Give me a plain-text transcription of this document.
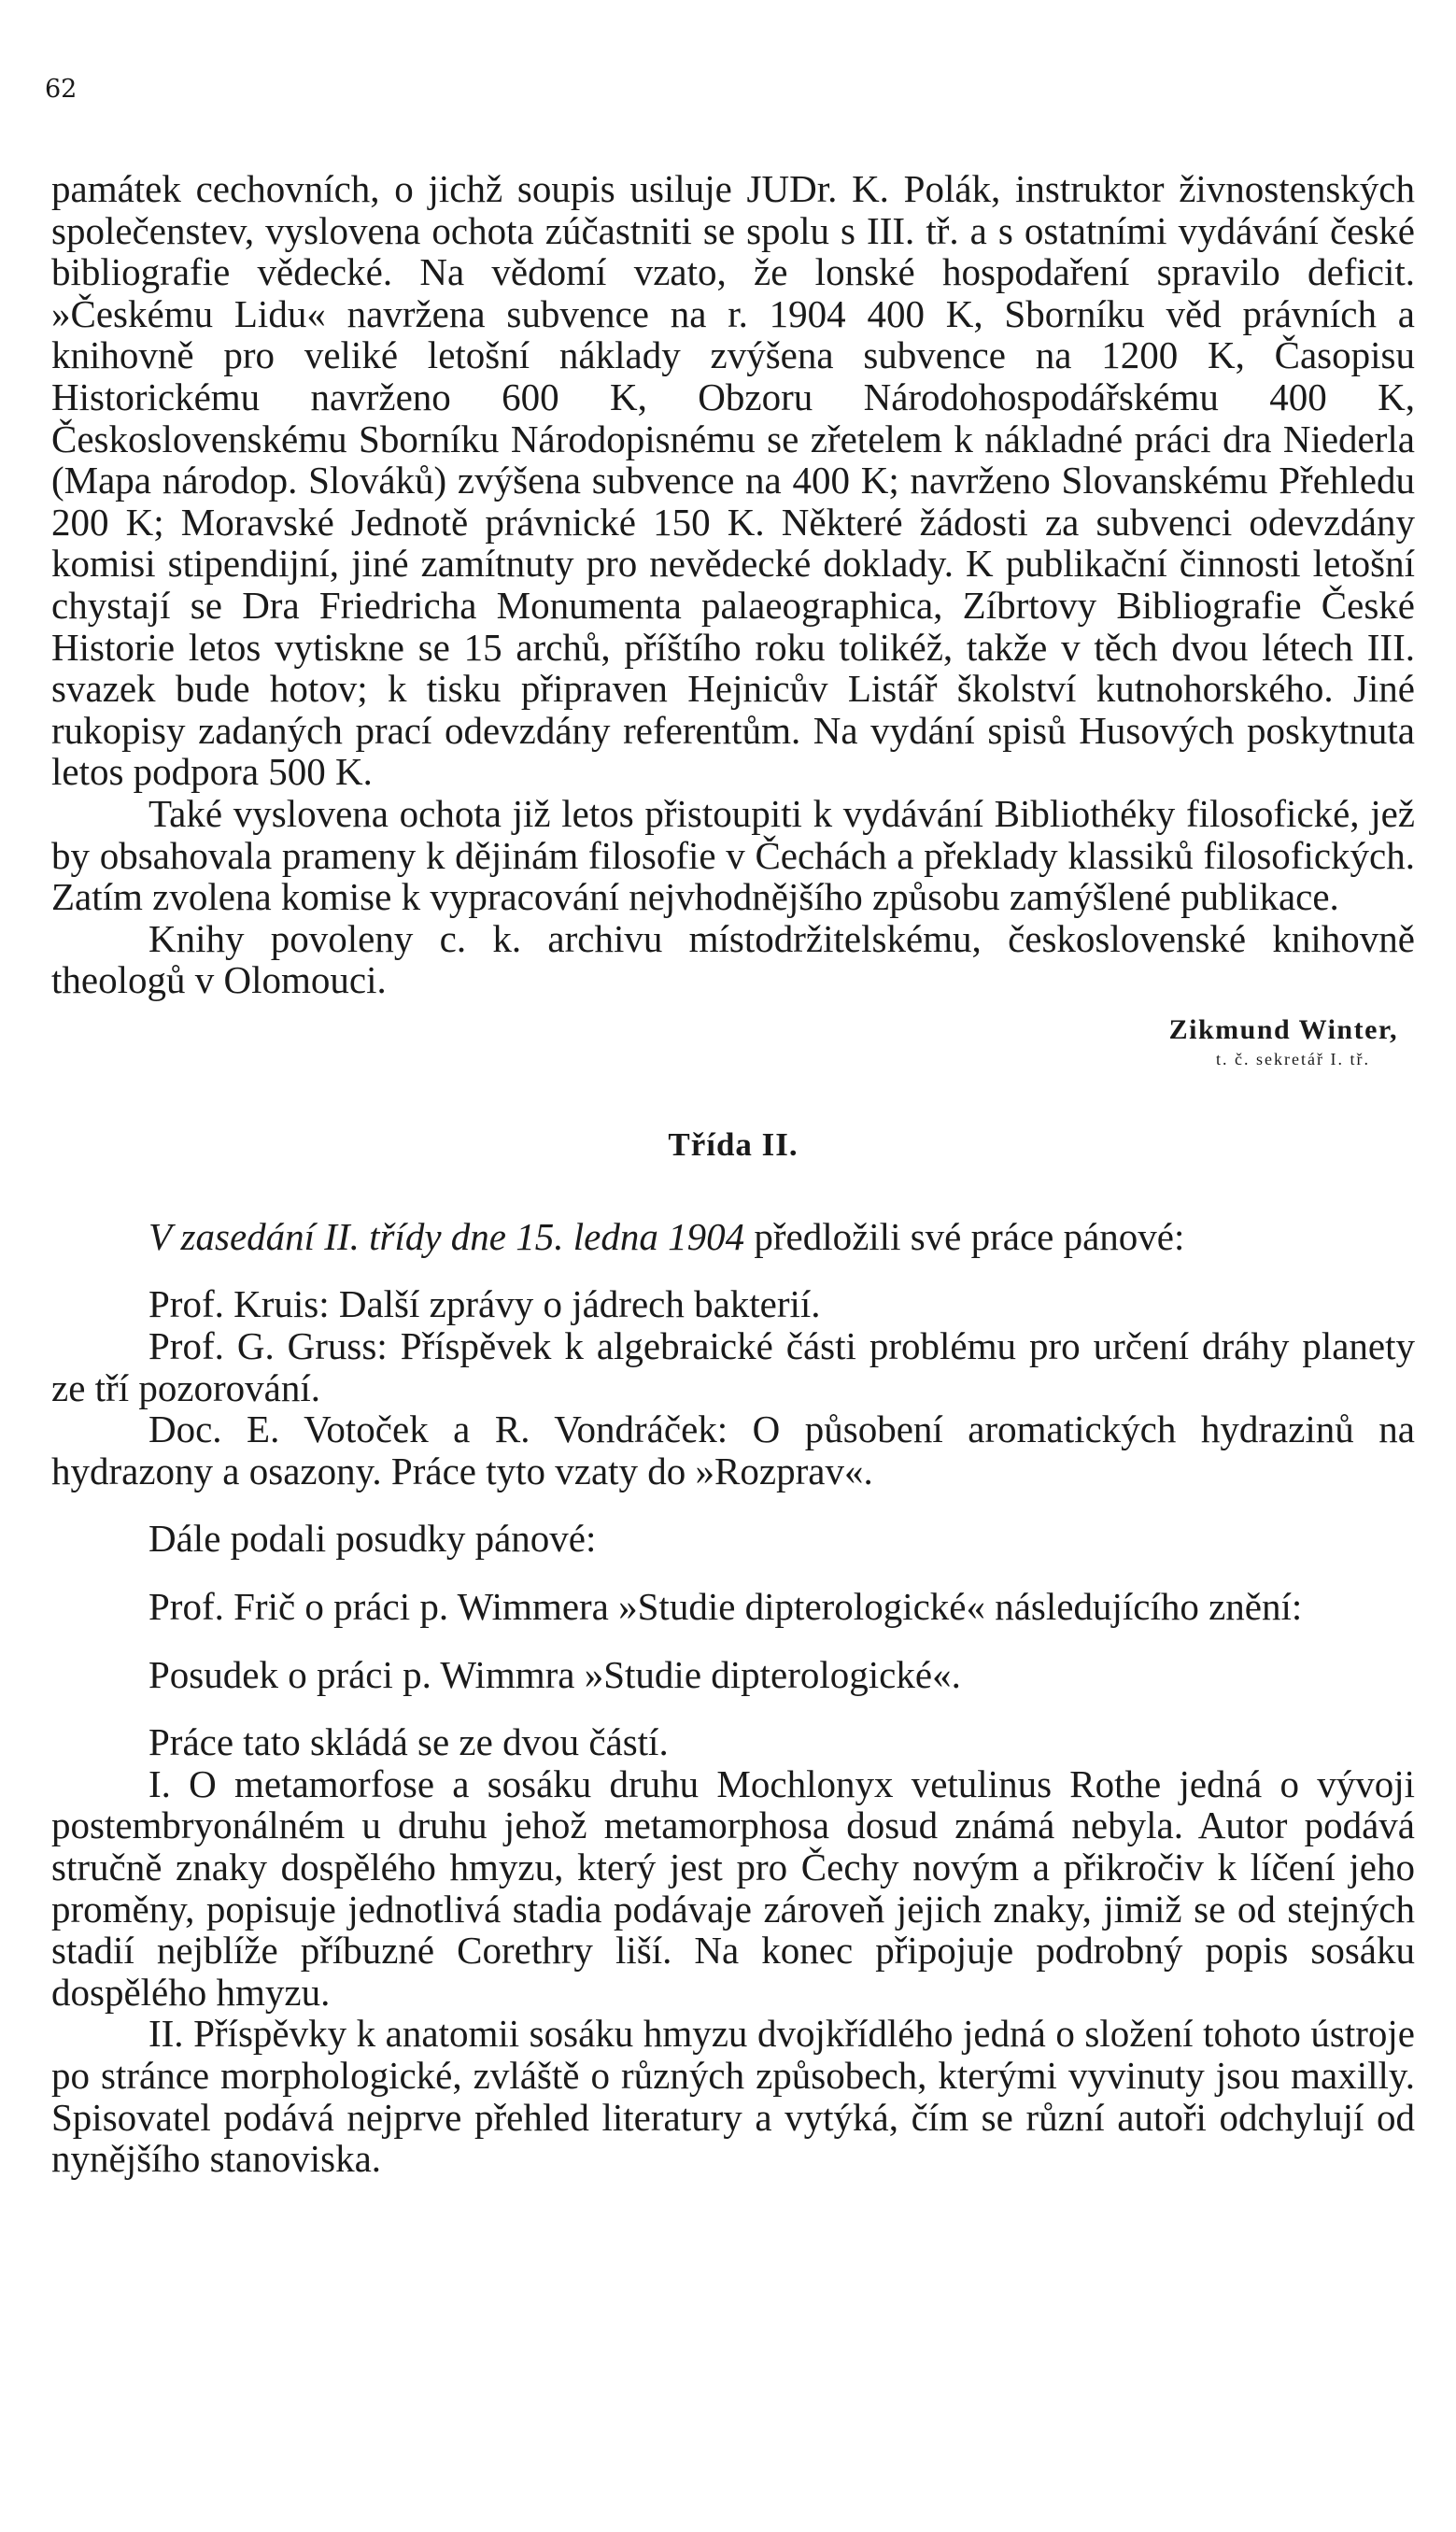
62

památek cechovních, o jichž soupis usiluje JUDr. K. Polák, instruktor živnostenských společenstev, vyslovena ochota zúčastniti se spolu s III. tř. a s ostatními vydávání české bibliografie vědecké. Na vědomí vzato, že lonské hospodaření spravilo deficit. »Českému Lidu« navržena subvence na r. 1904 400 K, Sborníku věd právních a knihovně pro veliké letošní náklady zvýšena subvence na 1200 K, Časopisu Historickému navrženo 600 K, Obzoru Národohospodářskému 400 K, Československému Sborníku Národopisnému se zřetelem k nákladné práci dra Niederla (Mapa národop. Slováků) zvýšena subvence na 400 K; navrženo Slovanskému Přehledu 200 K; Moravské Jednotě právnické 150 K. Některé žádosti za subvenci odevzdány komisi stipendijní, jiné zamítnuty pro nevědecké doklady. K publikační činnosti letošní chystají se Dra Friedricha Monumenta palaeographica, Zíbrtovy Bibliografie České Historie letos vytiskne se 15 archů, příštího roku tolikéž, takže v těch dvou létech III. svazek bude hotov; k tisku připraven Hejnicův Listář školství kutnohorského. Jiné rukopisy zadaných prací odevzdány referentům. Na vydání spisů Husových poskytnuta letos podpora 500 K.

Také vyslovena ochota již letos přistoupiti k vydávání Bibliothéky filosofické, jež by obsahovala prameny k dějinám filosofie v Čechách a překlady klassiků filosofických. Zatím zvolena komise k vypracování nejvhodnějšího způsobu zamýšlené publikace.

Knihy povoleny c. k. archivu místodržitelskému, československé knihovně theologů v Olomouci.

Zikmund Winter,
t. č. sekretář I. tř.
Třída II.

V zasedání II. třídy dne 15. ledna 1904 předložili své práce pánové:

Prof. Kruis: Další zprávy o jádrech bakterií.

Prof. G. Gruss: Příspěvek k algebraické části problému pro určení dráhy planety ze tří pozorování.

Doc. E. Votoček a R. Vondráček: O působení aromatických hydrazinů na hydrazony a osazony. Práce tyto vzaty do »Rozprav«.

Dále podali posudky pánové:

Prof. Frič o práci p. Wimmera »Studie dipterologické« následujícího znění:

Posudek o práci p. Wimmra »Studie dipterologické«.

Práce tato skládá se ze dvou částí.

I. O metamorfose a sosáku druhu Mochlonyx vetulinus Rothe jedná o vývoji postembryonálném u druhu jehož metamorphosa dosud známá nebyla. Autor podává stručně znaky dospělého hmyzu, který jest pro Čechy novým a přikročiv k líčení jeho proměny, popisuje jednotlivá stadia podávaje zároveň jejich znaky, jimiž se od stejných stadií nejblíže příbuzné Corethry liší. Na konec připojuje podrobný popis sosáku dospělého hmyzu.

II. Příspěvky k anatomii sosáku hmyzu dvojkřídlého jedná o složení tohoto ústroje po stránce morphologické, zvláště o různých způsobech, kterými vyvinuty jsou maxilly. Spisovatel podává nejprve přehled literatury a vytýká, čím se různí autoři odchylují od nynějšího stanoviska.
